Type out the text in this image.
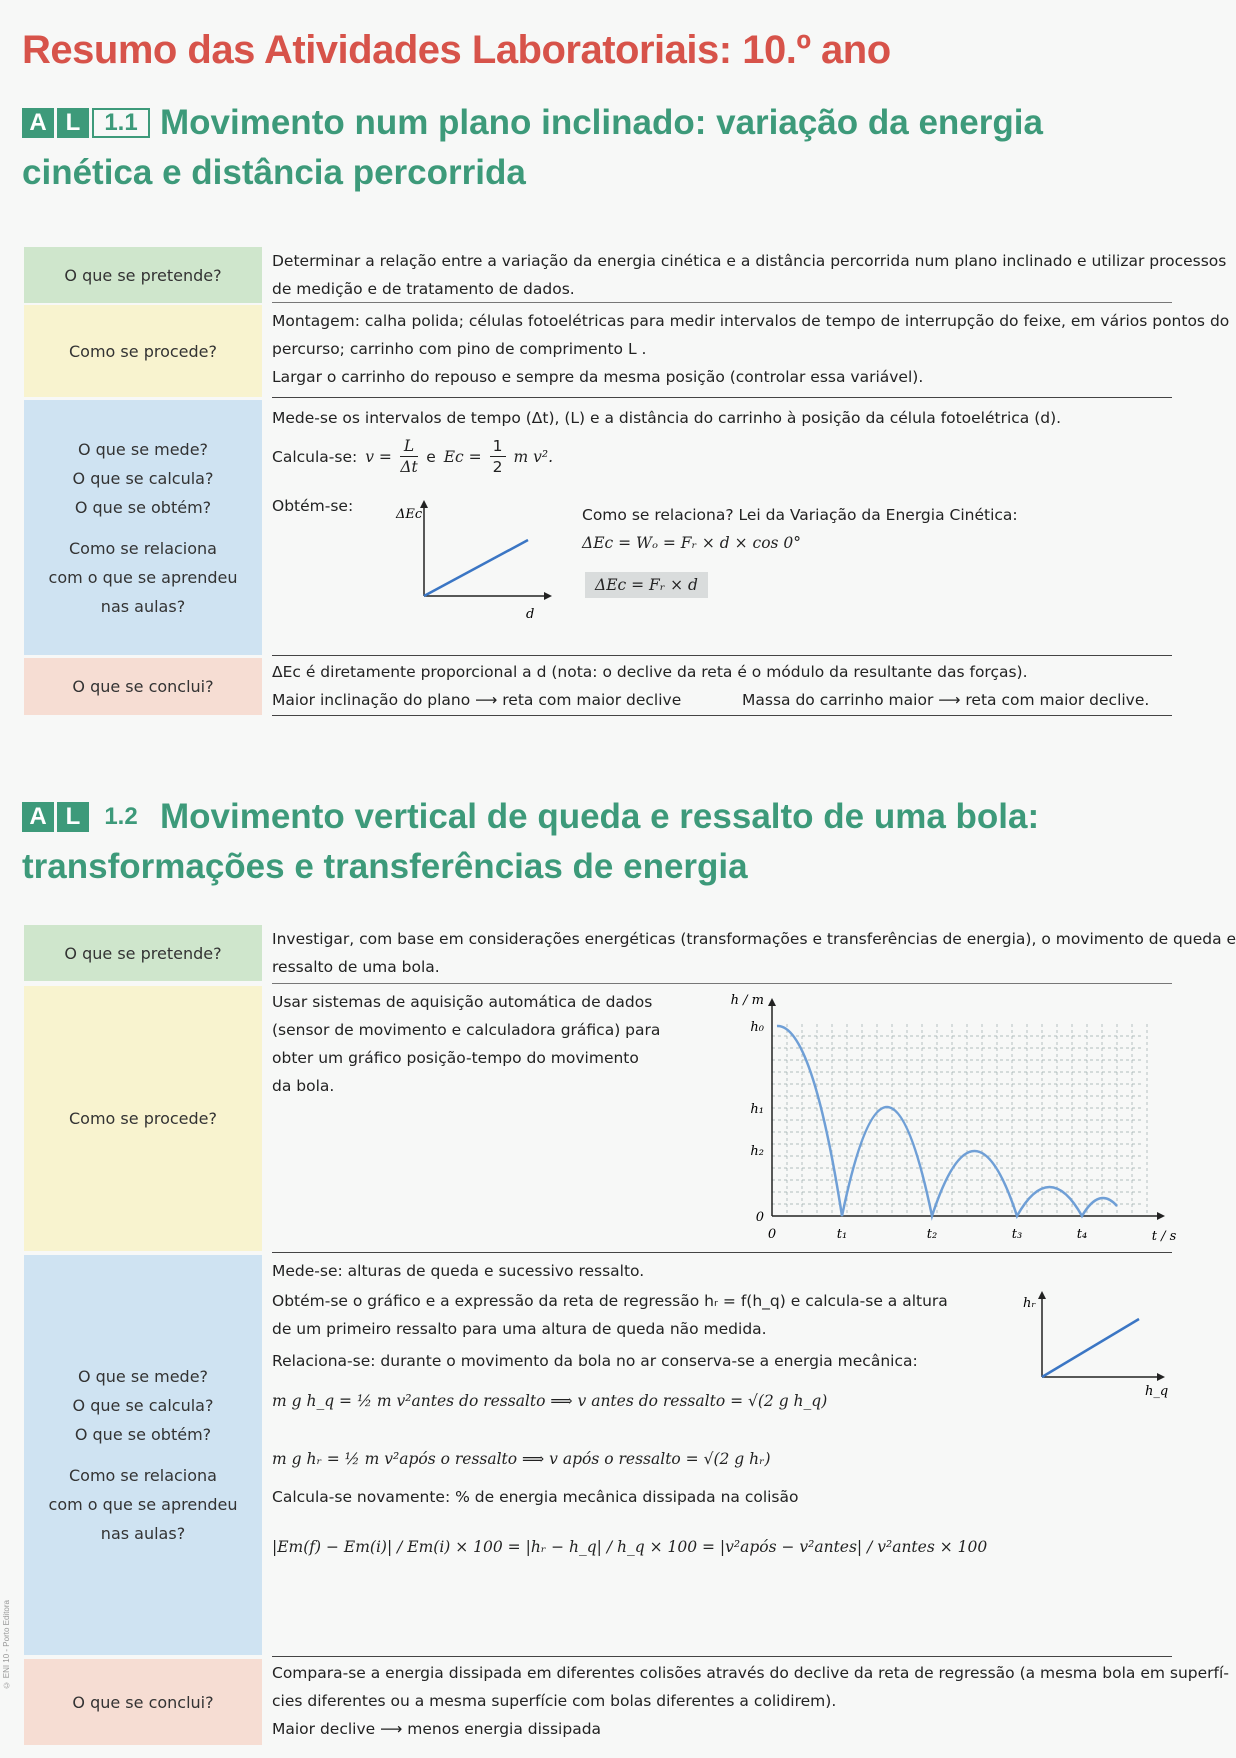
Resumo das Atividades Laboratoriais: 10.º ano

A L 1.1 Movimento num plano inclinado: variação da energia
cinética e distância percorrida

O que se pretende?

Determinar a relação entre a variação da energia cinética e a distância percorrida num plano inclinado e utilizar processos

de medição e de tratamento de dados.

Como se procede?

Montagem: calha polida; células fotoelétricas para medir intervalos de tempo de interrupção do feixe, em vários pontos do

percurso; carrinho com pino de comprimento L .

Largar o carrinho do repouso e sempre da mesma posição (controlar essa variável).

O que se mede?
O que se calcula?
O que se obtém?
Como se relaciona
com o que se aprendeu
nas aulas?

Mede-se os intervalos de tempo (Δt), (L) e a distância do carrinho à posição da célula fotoelétrica (d).

Calcula-se: $v = \frac{L}{\Delta t}$ e $Ec = \frac{1}{2}$ m v².

Obtém-se:	ΔEc
d

Como se relaciona? Lei da Variação da Energia Cinética:

ΔEc = Wₒ = Fᵣ × d × cos 0°

ΔEc = Fᵣ × d

O que se conclui?

ΔEc é diretamente proporcional a d (nota: o declive da reta é o módulo da resultante das forças).

Maior inclinação do plano ⟶ reta com maior declive	Massa do carrinho maior ⟶ reta com maior declive.

A L 1.2 Movimento vertical de queda e ressalto de uma bola:
transformações e transferências de energia

O que se pretende?

Investigar, com base em considerações energéticas (transformações e transferências de energia), o movimento de queda e

ressalto de uma bola.

Como se procede?

Usar sistemas de aquisição automática de dados

(sensor de movimento e calculadora gráfica) para

obter um gráfico posição-tempo do movimento

da bola.

h / m
t / s
h₀
h₁
h₂
0
0	t₁	t₂	t₃	t₄
O que se mede?
O que se calcula?
O que se obtém?
Como se relaciona
com o que se aprendeu
nas aulas?

Mede-se: alturas de queda e sucessivo ressalto.

Obtém-se o gráfico e a expressão da reta de regressão hᵣ = f(h_q) e calcula-se a altura

de um primeiro ressalto para uma altura de queda não medida.

Relaciona-se: durante o movimento da bola no ar conserva-se a energia mecânica:

m g h_q = ½ m v²antes do ressalto ⟹ v antes do ressalto = √(2 g h_q)

m g hᵣ = ½ m v²após o ressalto ⟹ v após o ressalto = √(2 g hᵣ)

Calcula-se novamente: % de energia mecânica dissipada na colisão

|Em(f) − Em(i)| / Em(i) × 100 = |hᵣ − h_q| / h_q × 100 = |v²após − v²antes| / v²antes × 100

hᵣ
h_q
O que se conclui?

Compara-se a energia dissipada em diferentes colisões através do declive da reta de regressão (a mesma bola em superfí-

cies diferentes ou a mesma superfície com bolas diferentes a colidirem).

Maior declive ⟶ menos energia dissipada

© ENI 10 - Porto Editora
